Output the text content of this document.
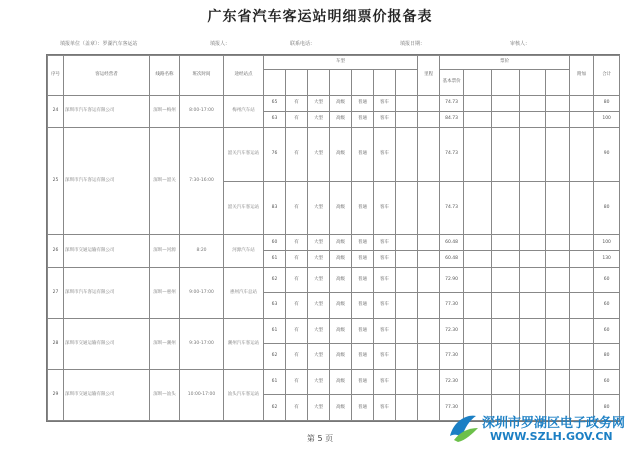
广东省汽车客运站明细票价报备表
填报单位（盖章）：罗湖汽车客运站	填报人：	联系电话：	填报日期：	审核人：
序号	客运经营者	线路名称	班次时间	途经站点	车型							里程	票价					附加	合计
													基本票价						
24	深圳市汽车客运有限公司	深圳—梅州	8:00-17:00	梅州汽车站	65	有	大型	高级	普通	客车			74.73						80
					63	有	大型	高级	普通	客车			84.73						100
25	深圳市汽车客运有限公司	深圳—韶关	7:30-16:00	韶关汽车客运站	76	有	大型	高级	普通	客车			74.73						90
				韶关汽车客运站	83	有	大型	高级	普通	客车			74.73						80
26	深圳市交通运输有限公司	深圳—河源	8:20	河源汽车站	60	有	大型	高级	普通	客车			60.48						100
					61	有	大型	高级	普通	客车			60.48						130
27	深圳市汽车客运有限公司	深圳—惠州	9:00-17:00	惠州汽车总站	62	有	大型	高级	普通	客车			72.90						60
					63	有	大型	高级	普通	客车			77.30						60
28	深圳市交通运输有限公司	深圳—潮州	9:30-17:00	潮州汽车客运站	61	有	大型	高级	普通	客车			72.30						60
					62	有	大型	高级	普通	客车			77.30						80
29	深圳市交通运输有限公司	深圳—汕头	10:00-17:00	汕头汽车客运站	61	有	大型	高级	普通	客车			72.30						60
					62	有	大型	高级	普通	客车			77.30						80
第 5 页
深圳市罗湖区电子政务网
WWW.SZLH.GOV.CN
